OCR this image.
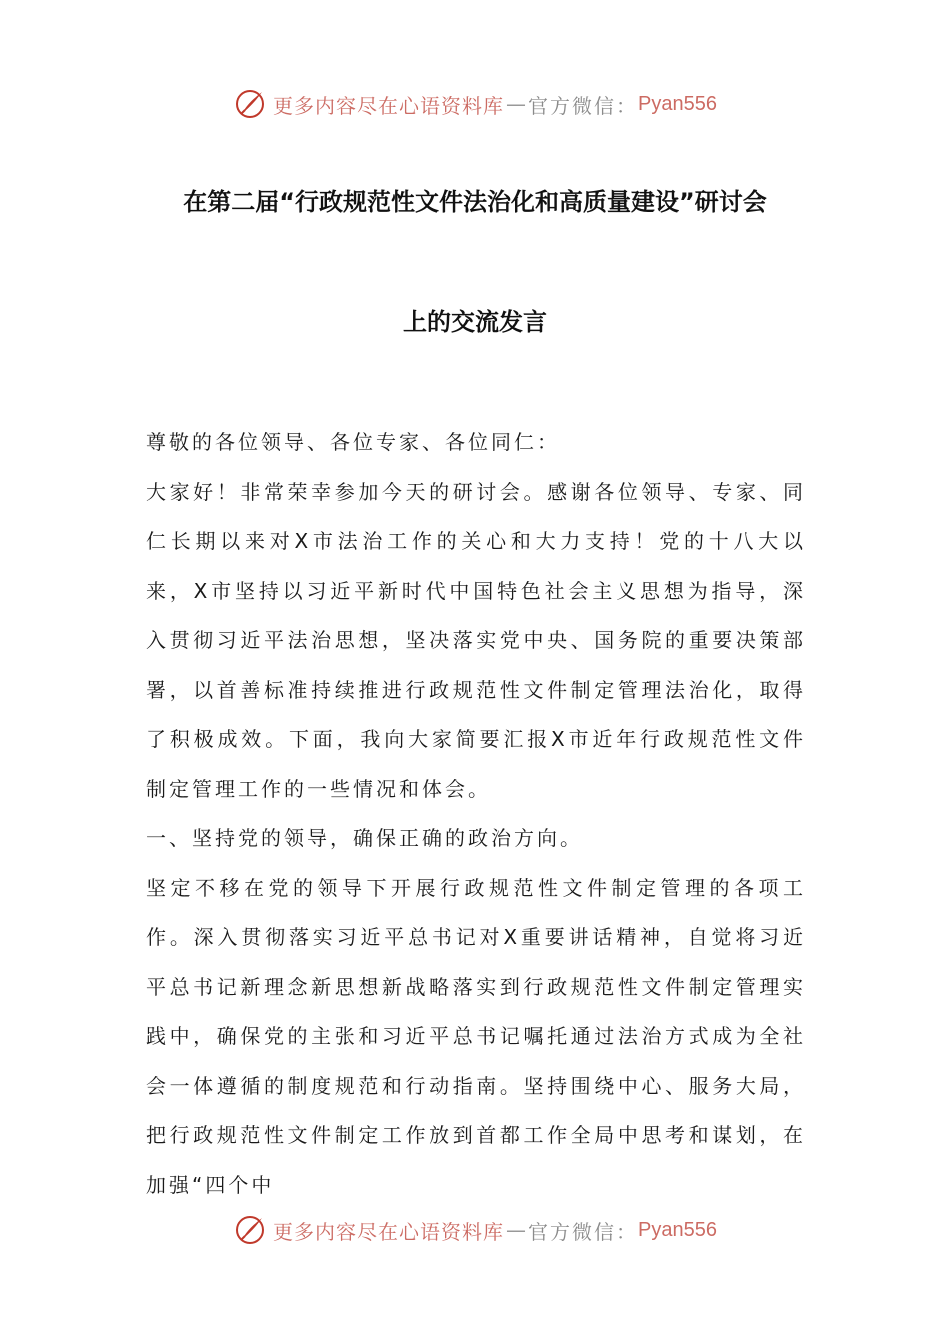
更多内容尽在心语资料库 — 官方微信： Pyan556
在第二届“行政规范性文件法治化和高质量建设”研讨会
上的交流发言

尊敬的各位领导、各位专家、各位同仁：

大家好！非常荣幸参加今天的研讨会。感谢各位领导、专家、同仁长期以来对X市法治工作的关心和大力支持！党的十八大以来，X市坚持以习近平新时代中国特色社会主义思想为指导，深入贯彻习近平法治思想，坚决落实党中央、国务院的重要决策部署，以首善标准持续推进行政规范性文件制定管理法治化，取得了积极成效。下面，我向大家简要汇报X市近年行政规范性文件制定管理工作的一些情况和体会。

一、坚持党的领导，确保正确的政治方向。

坚定不移在党的领导下开展行政规范性文件制定管理的各项工作。深入贯彻落实习近平总书记对X重要讲话精神，自觉将习近平总书记新理念新思想新战略落实到行政规范性文件制定管理实践中，确保党的主张和习近平总书记嘱托通过法治方式成为全社会一体遵循的制度规范和行动指南。坚持围绕中心、服务大局，把行政规范性文件制定工作放到首都工作全局中思考和谋划，在加强“四个中

更多内容尽在心语资料库 — 官方微信： Pyan556
